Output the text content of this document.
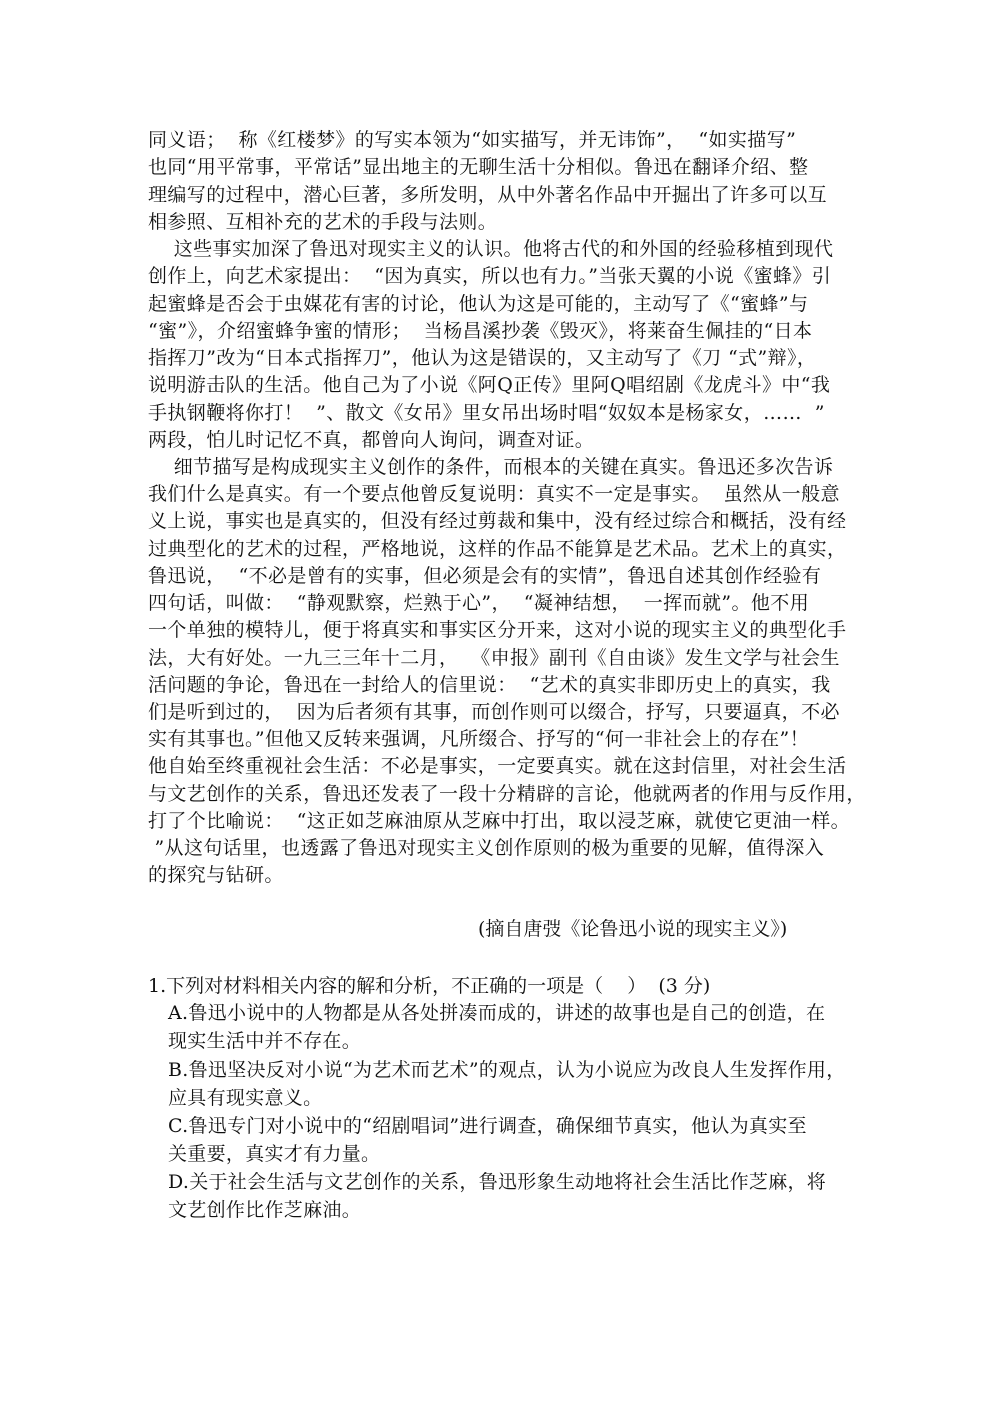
同义语；  称《红楼梦》的写实本领为“如实描写，并无讳饰”，  “如实描写”
也同“用平常事，平常话”显出地主的无聊生活十分相似。鲁迅在翻译介绍、整
理编写的过程中，潜心巨著，多所发明，从中外著名作品中开掘出了许多可以互
相参照、互相补充的艺术的手段与法则。
这些事实加深了鲁迅对现实主义的认识。他将古代的和外国的经验移植到现代
创作上，向艺术家提出：  “因为真实，所以也有力。”当张天翼的小说《蜜蜂》引
起蜜蜂是否会于虫媒花有害的讨论，他认为这是可能的，主动写了《“蜜蜂”与
“蜜”》，介绍蜜蜂争蜜的情形；  当杨昌溪抄袭《毁灭》，将莱奋生佩挂的“日本
指挥刀”改为“日本式指挥刀”，他认为这是错误的，又主动写了《刀 “式”辩》，
说明游击队的生活。他自己为了小说《阿Q正传》里阿Q唱绍剧《龙虎斗》中“我
手执钢鞭将你打！  ”、散文《女吊》里女吊出场时唱“奴奴本是杨家女，……  ”
两段，怕儿时记忆不真，都曾向人询问，调查对证。
细节描写是构成现实主义创作的条件，而根本的关键在真实。鲁迅还多次告诉
我们什么是真实。有一个要点他曾反复说明：真实不一定是事实。  虽然从一般意
义上说，事实也是真实的，但没有经过剪裁和集中，没有经过综合和概括，没有经
过典型化的艺术的过程，严格地说，这样的作品不能算是艺术品。艺术上的真实，
鲁迅说，  “不必是曾有的实事，但必须是会有的实情”，鲁迅自述其创作经验有
四句话，叫做：  “静观默察，烂熟于心”，  “凝神结想，  一挥而就”。他不用
一个单独的模特儿，便于将真实和事实区分开来，这对小说的现实主义的典型化手
法，大有好处。一九三三年十二月，  《申报》副刊《自由谈》发生文学与社会生
活问题的争论，鲁迅在一封给人的信里说：  “艺术的真实非即历史上的真实，我
们是听到过的，  因为后者须有其事，而创作则可以缀合，抒写，只要逼真，不必
实有其事也。”但他又反转来强调，凡所缀合、抒写的“何一非社会上的存在”！
他自始至终重视社会生活：不必是事实，一定要真实。就在这封信里，对社会生活
与文艺创作的关系，鲁迅还发表了一段十分精辟的言论，他就两者的作用与反作用，
打了个比喻说：  “这正如芝麻油原从芝麻中打出，取以浸芝麻，就使它更油一样。
”从这句话里，也透露了鲁迅对现实主义创作原则的极为重要的见解，值得深入
的探究与钻研。
(摘自唐弢《论鲁迅小说的现实主义》)
1.下列对材料相关内容的解和分析，不正确的一项是（    ）  (3 分)
A.鲁迅小说中的人物都是从各处拼凑而成的，讲述的故事也是自己的创造，在
现实生活中并不存在。
B.鲁迅坚决反对小说“为艺术而艺术”的观点，认为小说应为改良人生发挥作用，
应具有现实意义。
C.鲁迅专门对小说中的“绍剧唱词”进行调查，确保细节真实，他认为真实至
关重要，真实才有力量。
D.关于社会生活与文艺创作的关系，鲁迅形象生动地将社会生活比作芝麻，将
文艺创作比作芝麻油。
